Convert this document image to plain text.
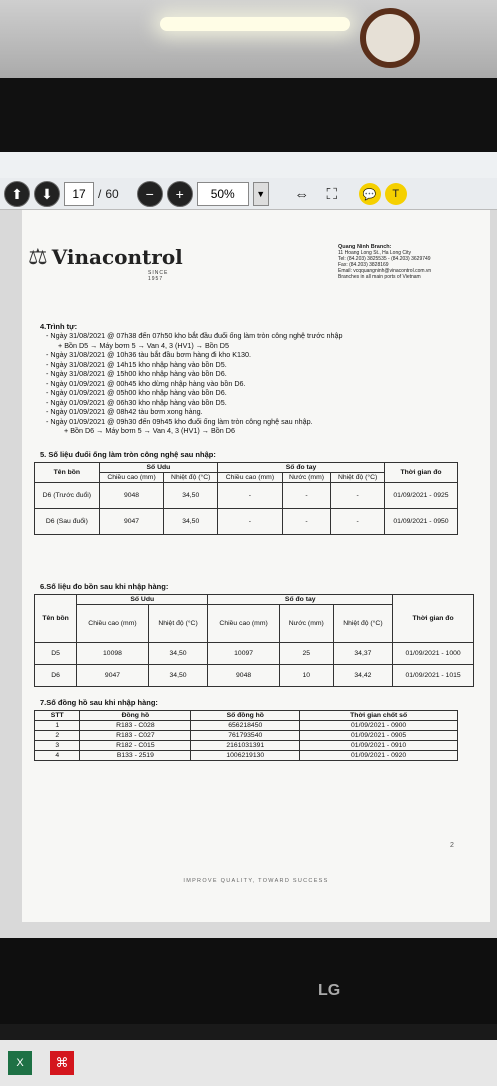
⬆	⬇	17	/ 60	−	+	50%	▼	⇔	⛶	💬	T
⚖ Vinacontrol
SINCE 1957
Quang Ninh Branch:
11 Hoang Long St., Ha Long City
Tel: (84.203) 3825535 - (84.203) 3629749
Fax: (84.203) 3828169
Email: vcqquangninh@vinacontrol.com.vn
Branches in all main ports of Vietnam
4.Trình tự:
- Ngày 31/08/2021 @ 07h38 đến 07h50 kho bắt đầu đuổi ống làm tròn công nghệ trước nhập
+ Bồn D5 → Máy bơm 5 → Van 4, 3 (HV1) → Bồn D5
- Ngày 31/08/2021 @ 10h36 tàu bắt đầu bơm hàng đi kho K130.
- Ngày 31/08/2021 @ 14h15 kho nhập hàng vào bồn D5.
- Ngày 31/08/2021 @ 15h00 kho nhập hàng vào bồn D6.
- Ngày 01/09/2021 @ 00h45 kho dừng nhập hàng vào bồn D6.
- Ngày 01/09/2021 @ 05h00 kho nhập hàng vào bồn D6.
- Ngày 01/09/2021 @ 06h30 kho nhập hàng vào bồn D5.
- Ngày 01/09/2021 @ 08h42 tàu bơm xong hàng.
- Ngày 01/09/2021 @ 09h30 đến 09h45 kho đuổi ống làm tròn công nghệ sau nhập.
+ Bồn D6 → Máy bơm 5 → Van 4, 3 (HV1) → Bồn D6
5. Số liệu đuổi ống làm tròn công nghệ sau nhập:
Tên bồn	Số Udu		Số đo tay			Thời gian đo
	Chiều cao (mm)	Nhiệt độ (°C)	Chiều cao (mm)	Nước (mm)	Nhiệt độ (°C)	
D6 (Trước đuổi)	9048	34,50	-	-	-	01/09/2021 - 0925
D6 (Sau đuổi)	9047	34,50	-	-	-	01/09/2021 - 0950
6.Số liệu đo bồn sau khi nhập hàng:
Tên bồn	Số Udu		Số đo tay			Thời gian đo
	Chiều cao (mm)	Nhiệt độ (°C)	Chiều cao (mm)	Nước (mm)	Nhiệt độ (°C)	
D5	10098	34,50	10097	25	34,37	01/09/2021 - 1000
D6	9047	34,50	9048	10	34,42	01/09/2021 - 1015
7.Số đồng hồ sau khi nhập hàng:
STT	Đồng hồ	Số đồng hồ	Thời gian chốt số
1	R183 - C028	656218450	01/09/2021 - 0900
2	R183 - C027	761793540	01/09/2021 - 0905
3	R182 - C015	2161031391	01/09/2021 - 0910
4	B133 - 2519	1006219130	01/09/2021 - 0920
2
IMPROVE QUALITY, TOWARD SUCCESS
X	⌘
LG
